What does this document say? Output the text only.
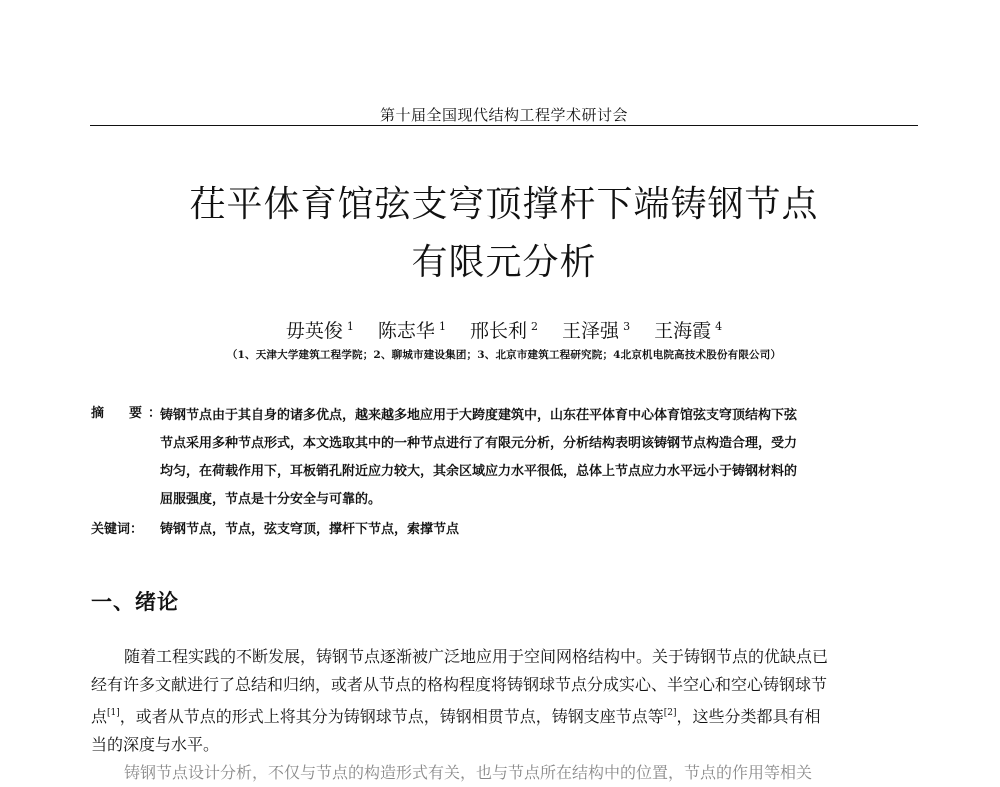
第十届全国现代结构工程学术研讨会
茌平体育馆弦支穹顶撑杆下端铸钢节点
有限元分析
毋英俊 $^1$ 陈志华 $^1$ 邢长利 $^2$ 王泽强 $^3$ 王海霞 $^4$
（1、天津大学建筑工程学院；2、聊城市建设集团；3、北京市建筑工程研究院；4北京机电院高技术股份有限公司）
摘　要：
铸钢节点由于其自身的诸多优点，越来越多地应用于大跨度建筑中，山东茌平体育中心体育馆弦支穹顶结构下弦
节点采用多种节点形式，本文选取其中的一种节点进行了有限元分析，分析结构表明该铸钢节点构造合理，受力
均匀，在荷载作用下，耳板销孔附近应力较大，其余区域应力水平很低，总体上节点应力水平远小于铸钢材料的
屈服强度，节点是十分安全与可靠的。
关键词： 铸钢节点，节点，弦支穹顶，撑杆下节点，索撑节点
一、绪论
随着工程实践的不断发展，铸钢节点逐渐被广泛地应用于空间网格结构中。关于铸钢节点的优缺点已
经有许多文献进行了总结和归纳，或者从节点的格构程度将铸钢球节点分成实心、半空心和空心铸钢球节
点[1]，或者从节点的形式上将其分为铸钢球节点，铸钢相贯节点，铸钢支座节点等[2]，这些分类都具有相
当的深度与水平。
铸钢节点设计分析，不仅与节点的构造形式有关，也与节点所在结构中的位置，节点的作用等相关
